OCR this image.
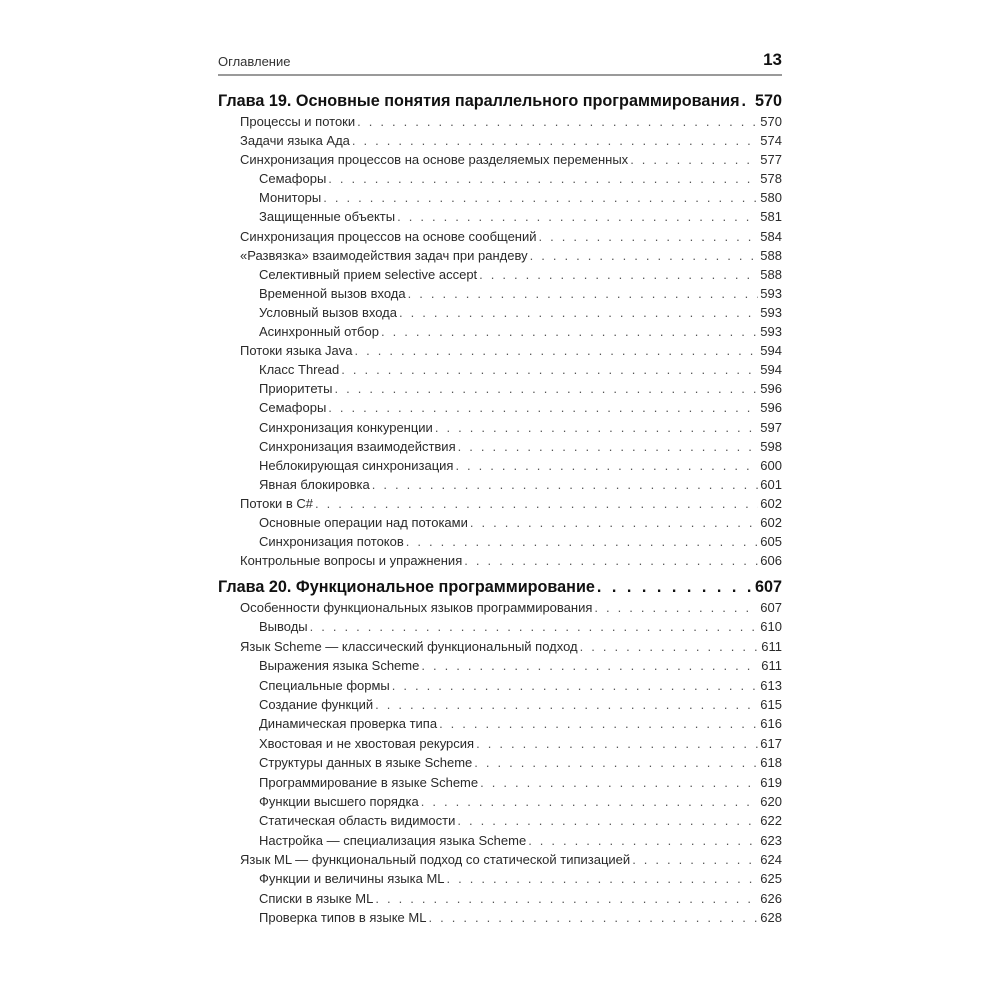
Оглавление	13
Глава 19. Основные понятия параллельного программирования . . . 570
Процессы и потоки . . .	570
Задачи языка Ада . . .	574
Синхронизация процессов на основе разделяемых переменных . . .	577
Семафоры . . .	578
Мониторы . . .	580
Защищенные объекты . . .	581
Синхронизация процессов на основе сообщений . . .	584
«Развязка» взаимодействия задач при рандеву . . .	588
Селективный прием selective accept . . .	588
Временной вызов входа . . .	593
Условный вызов входа . . .	593
Асинхронный отбор . . .	593
Потоки языка Java . . .	594
Класс Thread . . .	594
Приоритеты . . .	596
Семафоры . . .	596
Синхронизация конкуренции . . .	597
Синхронизация взаимодействия . . .	598
Неблокирующая синхронизация . . .	600
Явная блокировка . . .	601
Потоки в C# . . .	602
Основные операции над потоками . . .	602
Синхронизация потоков . . .	605
Контрольные вопросы и упражнения . . .	606
Глава 20. Функциональное программирование . . .	607
Особенности функциональных языков программирования . . .	607
Выводы . . .	610
Язык Scheme — классический функциональный подход . . .	611
Выражения языка Scheme . . .	611
Специальные формы . . .	613
Создание функций . . .	615
Динамическая проверка типа . . .	616
Хвостовая и не хвостовая рекурсия . . .	617
Структуры данных в языке Scheme . . .	618
Программирование в языке Scheme . . .	619
Функции высшего порядка . . .	620
Статическая область видимости . . .	622
Настройка — специализация языка Scheme . . .	623
Язык ML — функциональный подход со статической типизацией . . .	624
Функции и величины языка ML . . .	625
Списки в языке ML . . .	626
Проверка типов в языке ML . . .	628
